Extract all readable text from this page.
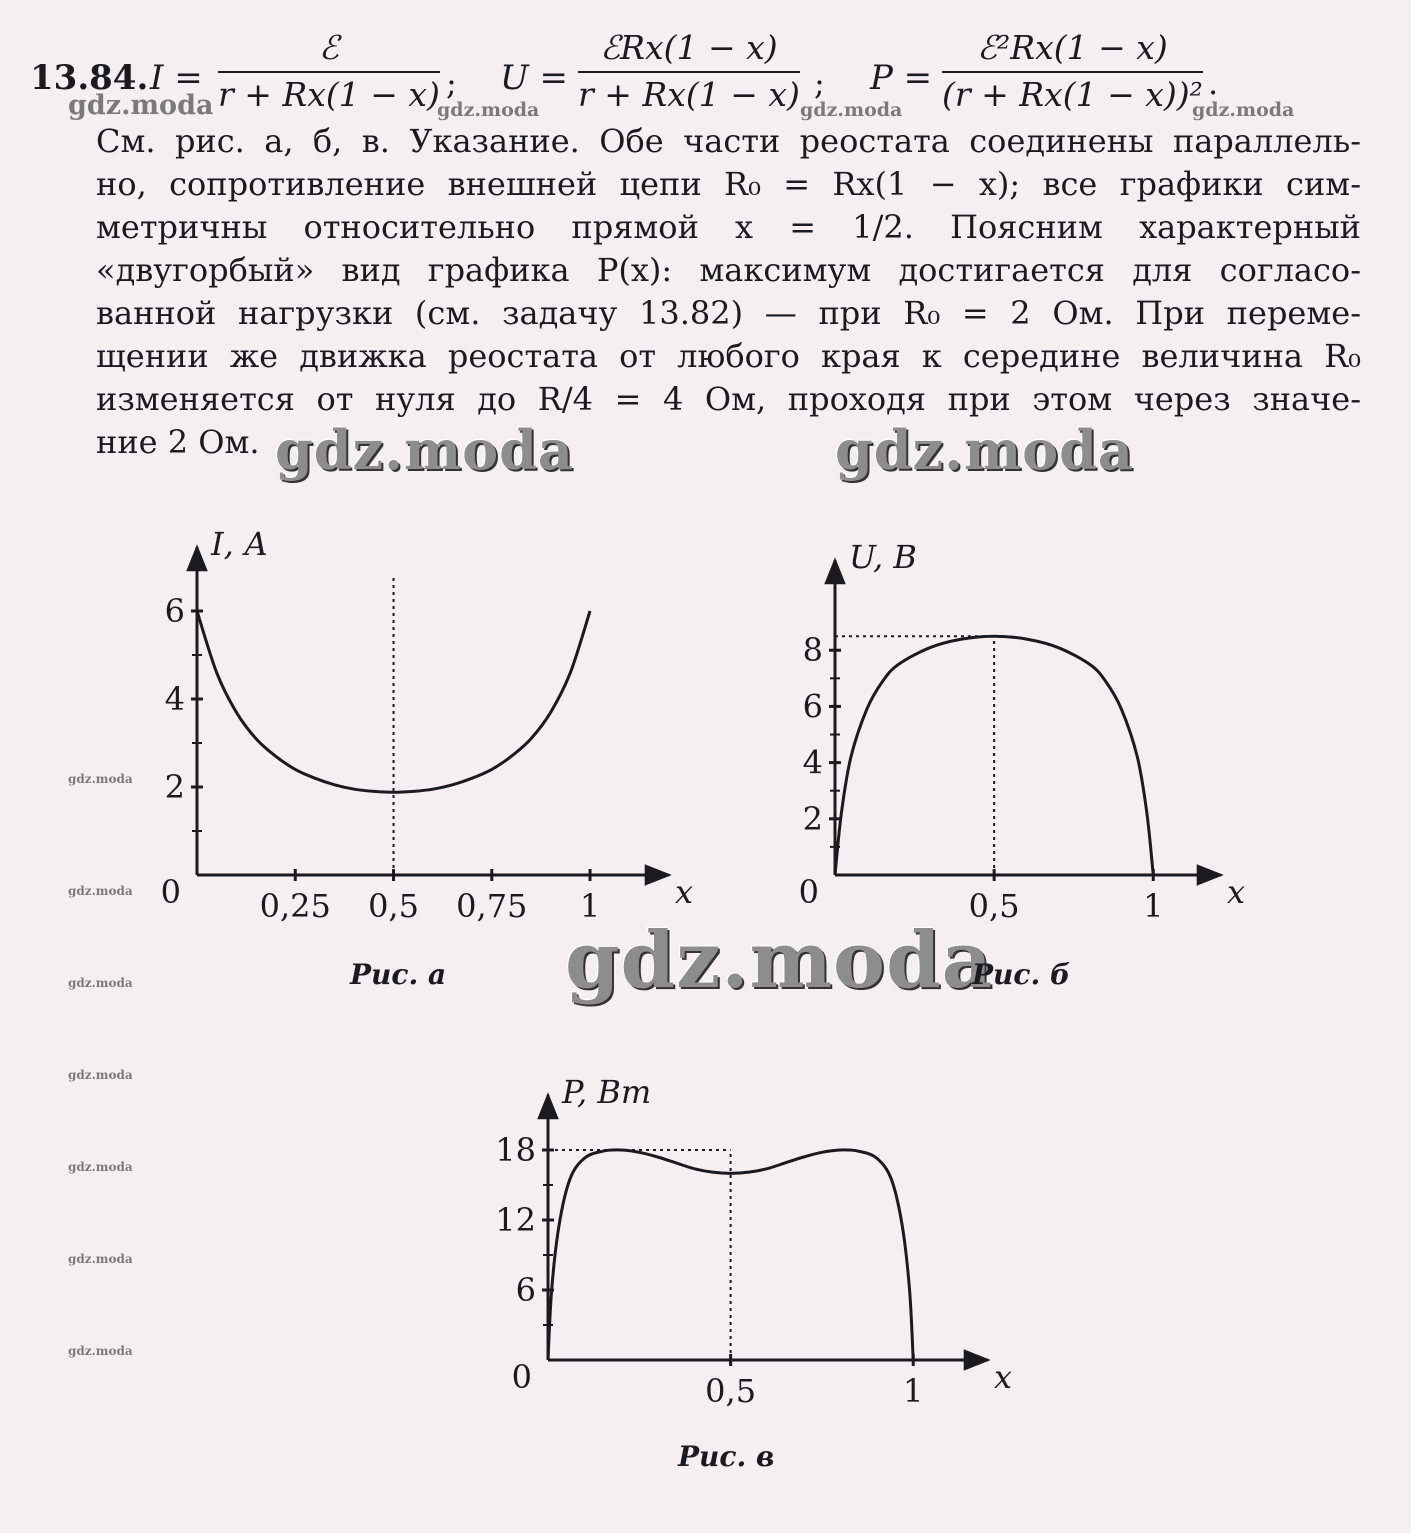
13.84. I =
ℰ
r + Rx(1 − x) ; U =
ℰRx(1 − x)
r + Rx(1 − x) ; P =
ℰ²Rx(1 − x)
(r + Rx(1 − x))² .
gdz.moda	gdz.moda	gdz.moda	gdz.moda
См. рис. а, б, в. Указание. Обе части реостата соединены параллель-
но, сопротивление внешней цепи R₀ = Rx(1 − x); все графики сим-
метричны относительно прямой x = 1/2. Поясним характерный
«двугорбый» вид графика P(x): максимум достигается для согласо-
ванной нагрузки (см. задачу 13.82) — при R₀ = 2 Ом. При переме-
щении же движка реостата от любого края к середине величина R₀
изменяется от нуля до R/4 = 4 Ом, проходя при этом через значе-
ние 2 Ом. gdz.moda	gdz.moda
gdz.moda
gdz.moda
gdz.moda
gdz.moda
gdz.moda
gdz.moda
gdz.moda
gdz.moda
0,25 0,5 0,75 1
2
4
6
0	x
I, А
Рис. а
0,5	1
2
4
6
8
0	x
U, В
Рис. б
0,5	1
6
12
18
0	x
P, Вт
Рис. в
